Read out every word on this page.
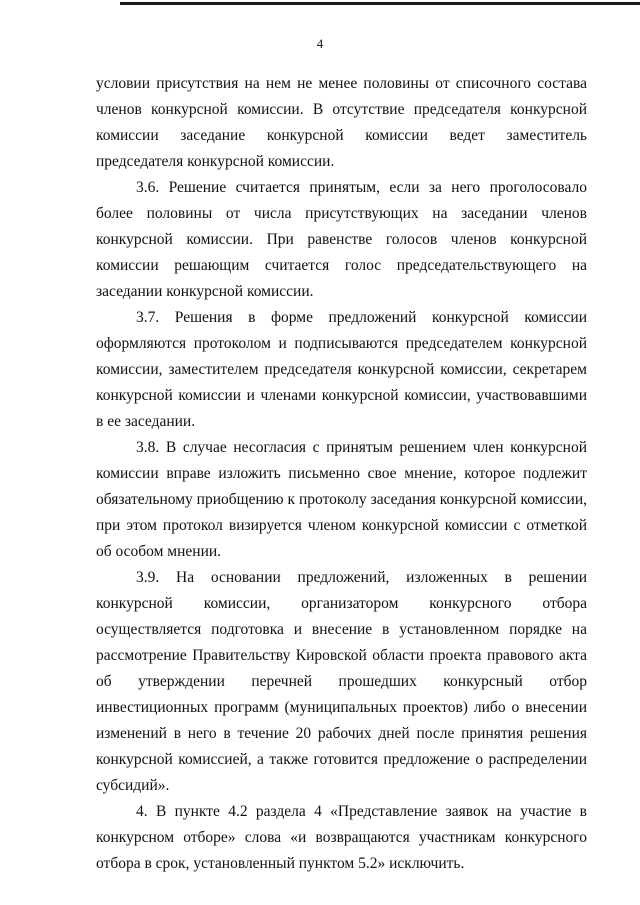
4

условии присутствия на нем не менее половины от списочного состава членов конкурсной комиссии. В отсутствие председателя конкурсной комиссии заседание конкурсной комиссии ведет заместитель председателя конкурсной комиссии.

3.6. Решение считается принятым, если за него проголосовало более половины от числа присутствующих на заседании членов конкурсной комиссии. При равенстве голосов членов конкурсной комиссии решающим считается голос председательствующего на заседании конкурсной комиссии.

3.7. Решения в форме предложений конкурсной комиссии оформляются протоколом и подписываются председателем конкурсной комиссии, заместителем председателя конкурсной комиссии, секретарем конкурсной комиссии и членами конкурсной комиссии, участвовавшими в ее заседании.

3.8. В случае несогласия с принятым решением член конкурсной комиссии вправе изложить письменно свое мнение, которое подлежит обязательному приобщению к протоколу заседания конкурсной комиссии, при этом протокол визируется членом конкурсной комиссии с отметкой об особом мнении.

3.9. На основании предложений, изложенных в решении конкурсной комиссии, организатором конкурсного отбора осуществляется подготовка и внесение в установленном порядке на рассмотрение Правительству Кировской области проекта правового акта об утверждении перечней прошедших конкурсный отбор инвестиционных программ (муниципальных проектов) либо о внесении изменений в него в течение 20 рабочих дней после принятия решения конкурсной комиссией, а также готовится предложение о распределении субсидий».

4. В пункте 4.2 раздела 4 «Представление заявок на участие в конкурсном отборе» слова «и возвращаются участникам конкурсного отбора в срок, установленный пунктом 5.2» исключить.
